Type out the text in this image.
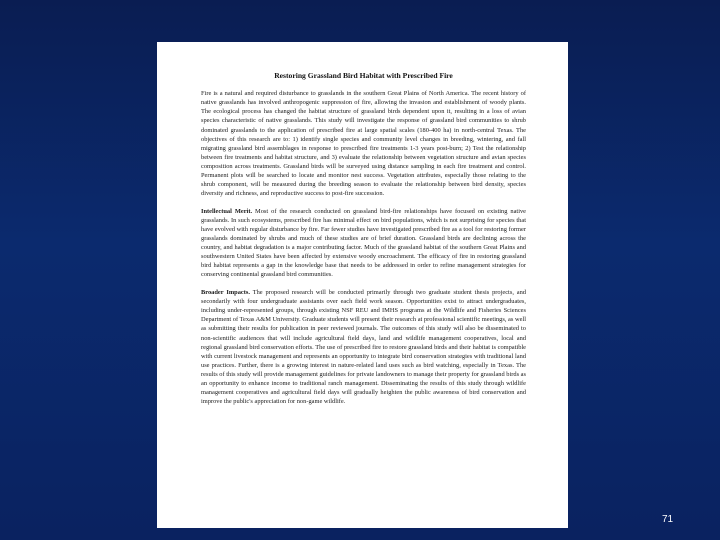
Restoring Grassland Bird Habitat with Prescribed Fire

Fire is a natural and required disturbance to grasslands in the southern Great Plains of North America. The recent history of native grasslands has involved anthropogenic suppression of fire, allowing the invasion and establishment of woody plants. The ecological process has changed the habitat structure of grassland birds dependent upon it, resulting in a loss of avian species characteristic of native grasslands. This study will investigate the response of grassland bird communities to shrub dominated grasslands to the application of prescribed fire at large spatial scales (180-400 ha) in north-central Texas. The objectives of this research are to: 1) identify single species and community level changes in breeding, wintering, and fall migrating grassland bird assemblages in response to prescribed fire treatments 1-3 years post-burn; 2) Test the relationship between fire treatments and habitat structure, and 3) evaluate the relationship between vegetation structure and avian species composition across treatments. Grassland birds will be surveyed using distance sampling in each fire treatment and control. Permanent plots will be searched to locate and monitor nest success. Vegetation attributes, especially those relating to the shrub component, will be measured during the breeding season to evaluate the relationship between bird density, species diversity and richness, and reproductive success to post-fire succession.

Intellectual Merit. Most of the research conducted on grassland bird-fire relationships have focused on existing native grasslands. In such ecosystems, prescribed fire has minimal effect on bird populations, which is not surprising for species that have evolved with regular disturbance by fire. Far fewer studies have investigated prescribed fire as a tool for restoring former grasslands dominated by shrubs and much of these studies are of brief duration. Grassland birds are declining across the country, and habitat degradation is a major contributing factor. Much of the grassland habitat of the southern Great Plains and southwestern United States have been affected by extensive woody encroachment. The efficacy of fire in restoring grassland bird habitat represents a gap in the knowledge base that needs to be addressed in order to refine management strategies for conserving continental grassland bird communities.

Broader Impacts. The proposed research will be conducted primarily through two graduate student thesis projects, and secondarily with four undergraduate assistants over each field work season. Opportunities exist to attract undergraduates, including under-represented groups, through existing NSF REU and IMHS programs at the Wildlife and Fisheries Sciences Department of Texas A&M University. Graduate students will present their research at professional scientific meetings, as well as submitting their results for publication in peer reviewed journals. The outcomes of this study will also be disseminated to non-scientific audiences that will include agricultural field days, land and wildlife management cooperatives, local and regional grassland bird conservation efforts. The use of prescribed fire to restore grassland birds and their habitat is compatible with current livestock management and represents an opportunity to integrate bird conservation strategies with traditional land use practices. Further, there is a growing interest in nature-related land uses such as bird watching, especially in Texas. The results of this study will provide management guidelines for private landowners to manage their property for grassland birds as an opportunity to enhance income to traditional ranch management. Disseminating the results of this study through wildlife management cooperatives and agricultural field days will gradually heighten the public awareness of bird conservation and improve the public's appreciation for non-game wildlife.

71
